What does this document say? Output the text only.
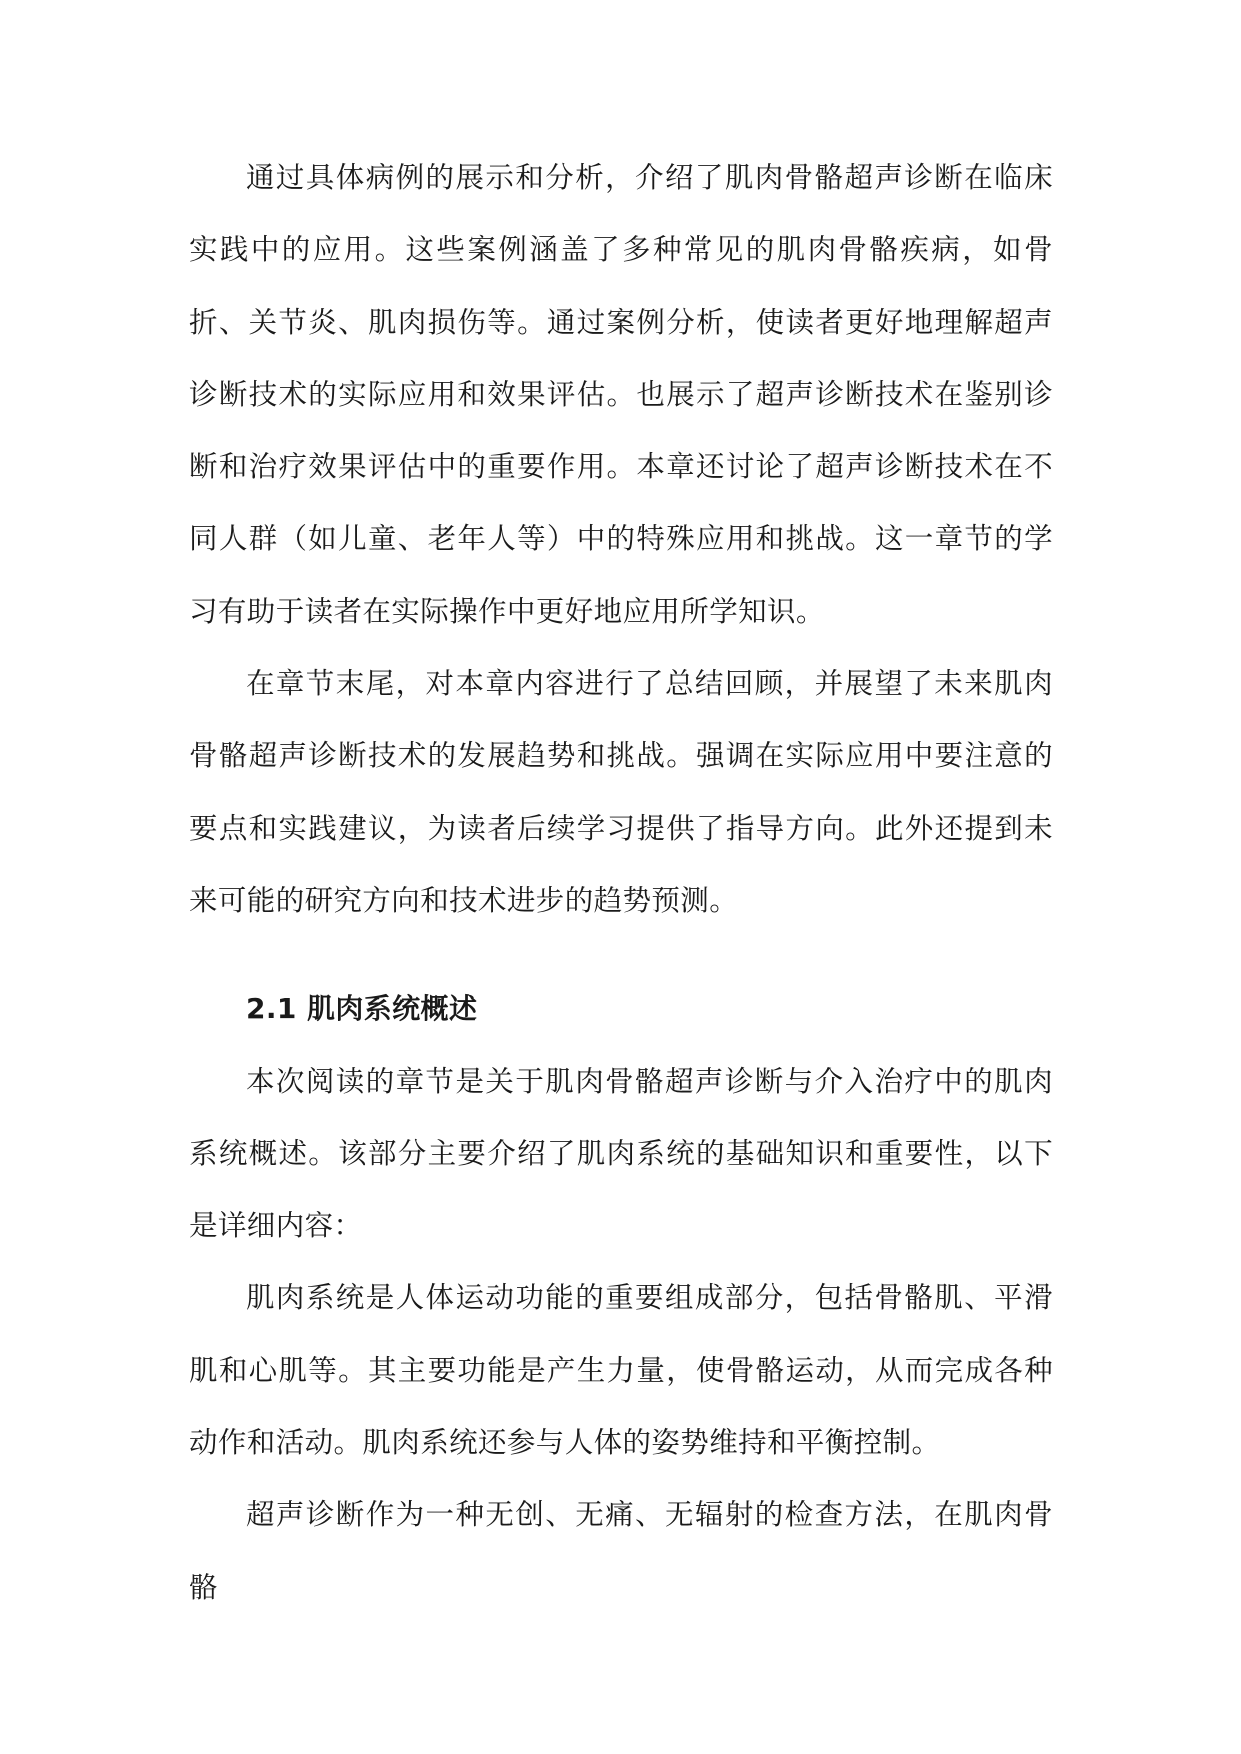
通过具体病例的展示和分析，介绍了肌肉骨骼超声诊断在临床实践中的应用。这些案例涵盖了多种常见的肌肉骨骼疾病，如骨折、关节炎、肌肉损伤等。通过案例分析，使读者更好地理解超声诊断技术的实际应用和效果评估。也展示了超声诊断技术在鉴别诊断和治疗效果评估中的重要作用。本章还讨论了超声诊断技术在不同人群（如儿童、老年人等）中的特殊应用和挑战。这一章节的学习有助于读者在实际操作中更好地应用所学知识。

在章节末尾，对本章内容进行了总结回顾，并展望了未来肌肉骨骼超声诊断技术的发展趋势和挑战。强调在实际应用中要注意的要点和实践建议，为读者后续学习提供了指导方向。此外还提到未来可能的研究方向和技术进步的趋势预测。

2.1 肌肉系统概述

本次阅读的章节是关于肌肉骨骼超声诊断与介入治疗中的肌肉系统概述。该部分主要介绍了肌肉系统的基础知识和重要性，以下是详细内容：

肌肉系统是人体运动功能的重要组成部分，包括骨骼肌、平滑肌和心肌等。其主要功能是产生力量，使骨骼运动，从而完成各种动作和活动。肌肉系统还参与人体的姿势维持和平衡控制。

超声诊断作为一种无创、无痛、无辐射的检查方法，在肌肉骨骼
